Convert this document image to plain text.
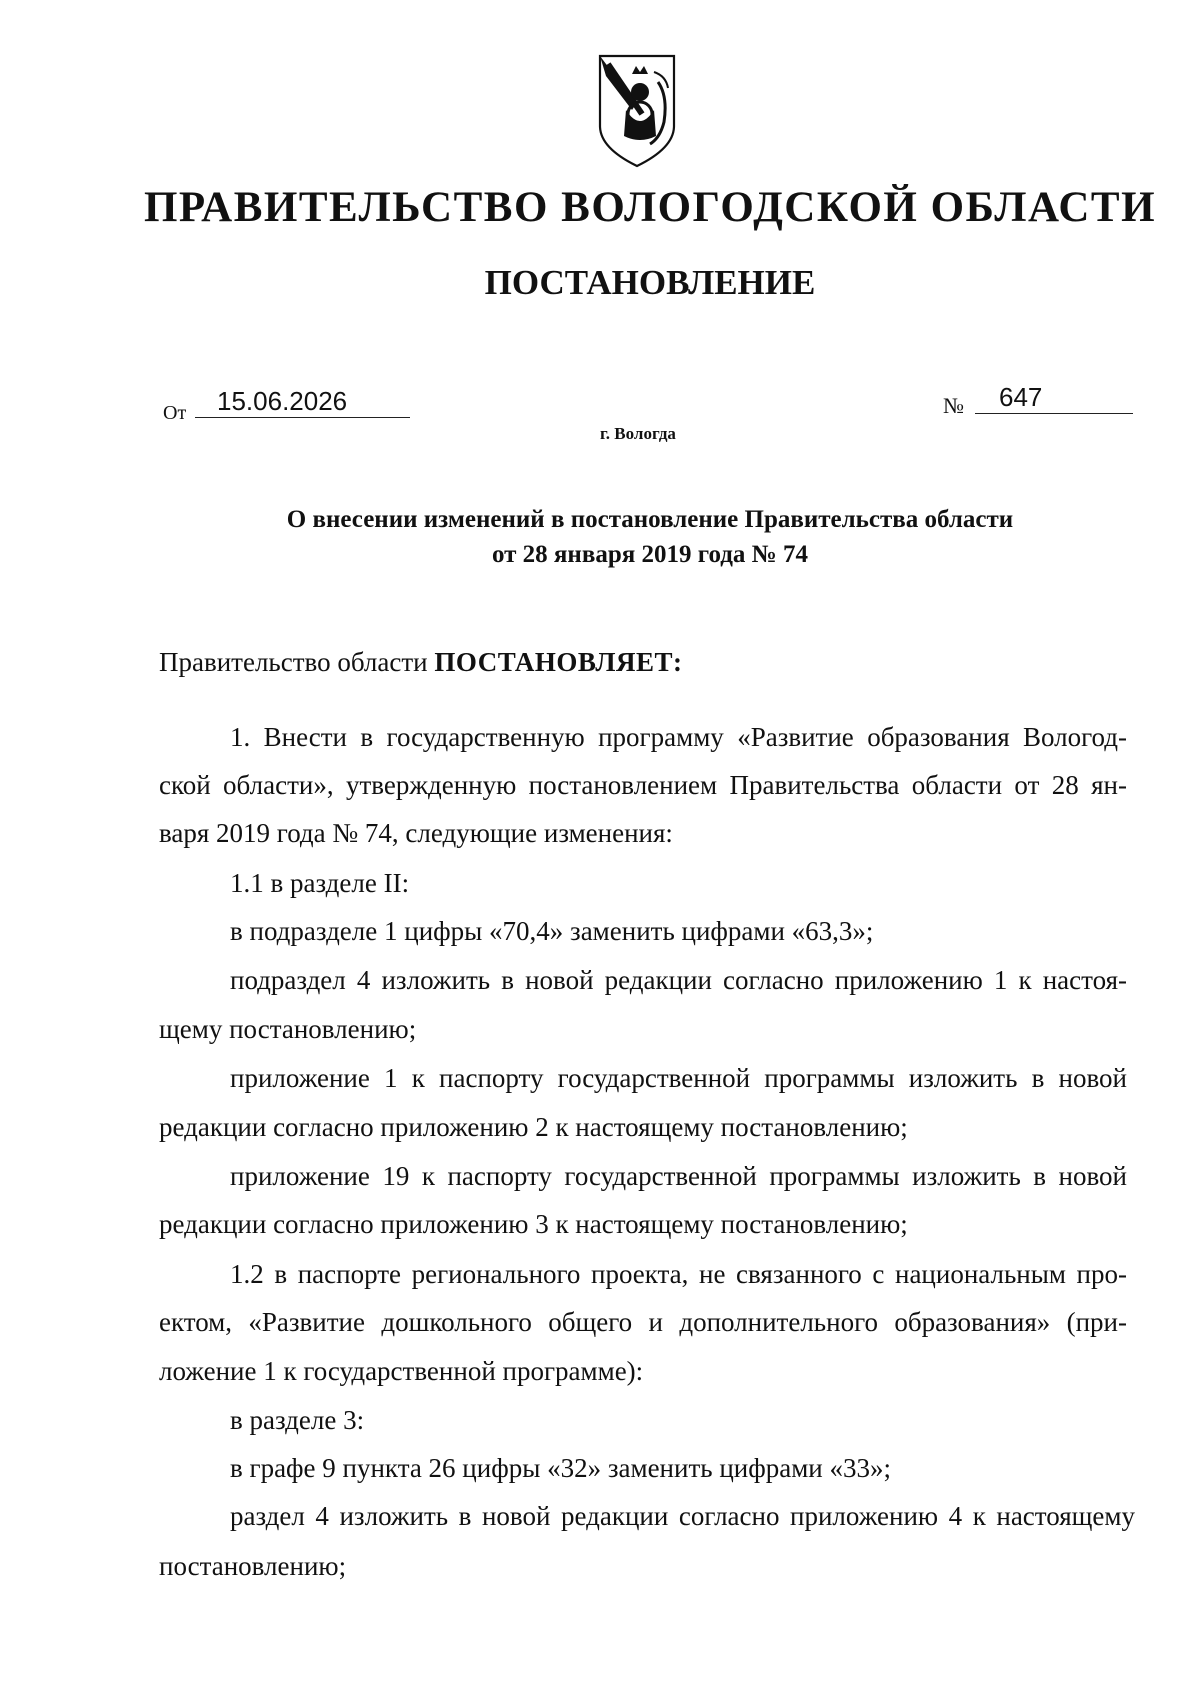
ПРАВИТЕЛЬСТВО ВОЛОГОДСКОЙ ОБЛАСТИ
ПОСТАНОВЛЕНИЕ
От	15.06.2026	№	647
г. Вологда
О внесении изменений в постановление Правительства области
от 28 января 2019 года № 74
Правительство области ПОСТАНОВЛЯЕТ:
1. Внести в государственную программу «Развитие образования Вологод-
ской области», утвержденную постановлением Правительства области от 28 ян-
варя 2019 года № 74, следующие изменения:
1.1 в разделе II:
в подразделе 1 цифры «70,4» заменить цифрами «63,3»;
подраздел 4 изложить в новой редакции согласно приложению 1 к настоя-
щему постановлению;
приложение 1 к паспорту государственной программы изложить в новой
редакции согласно приложению 2 к настоящему постановлению;
приложение 19 к паспорту государственной программы изложить в новой
редакции согласно приложению 3 к настоящему постановлению;
1.2 в паспорте регионального проекта, не связанного с национальным про-
ектом, «Развитие дошкольного общего и дополнительного образования» (при-
ложение 1 к государственной программе):
в разделе 3:
в графе 9 пункта 26 цифры «32» заменить цифрами «33»;
раздел 4 изложить в новой редакции согласно приложению 4 к настоящему
постановлению;
